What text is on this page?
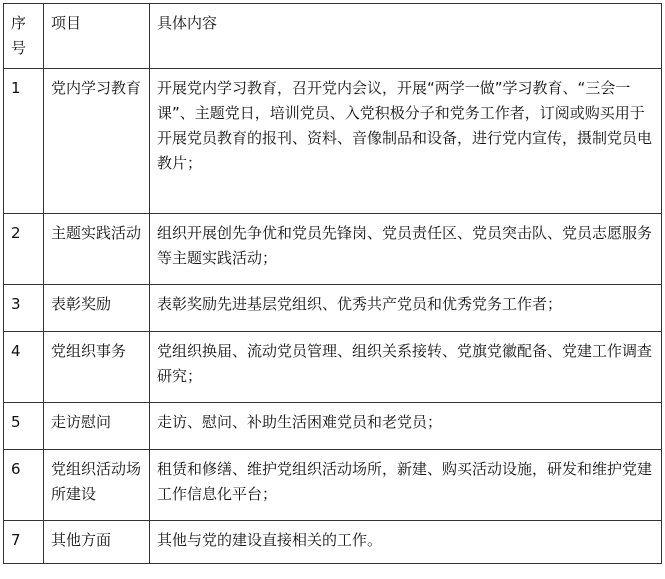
序号	项目	具体内容
1	党内学习教育	开展党内学习教育，召开党内会议，开展“两学一做”学习教育、“三会一课”、主题党日，培训党员、入党积极分子和党务工作者，订阅或购买用于开展党员教育的报刊、资料、音像制品和设备，进行党内宣传，摄制党员电教片；
2	主题实践活动	组织开展创先争优和党员先锋岗、党员责任区、党员突击队、党员志愿服务等主题实践活动；
3	表彰奖励	表彰奖励先进基层党组织、优秀共产党员和优秀党务工作者；
4	党组织事务	党组织换届、流动党员管理、组织关系接转、党旗党徽配备、党建工作调查研究；
5	走访慰问	走访、慰问、补助生活困难党员和老党员；
6	党组织活动场所建设	租赁和修缮、维护党组织活动场所，新建、购买活动设施，研发和维护党建工作信息化平台；
7	其他方面	其他与党的建设直接相关的工作。
